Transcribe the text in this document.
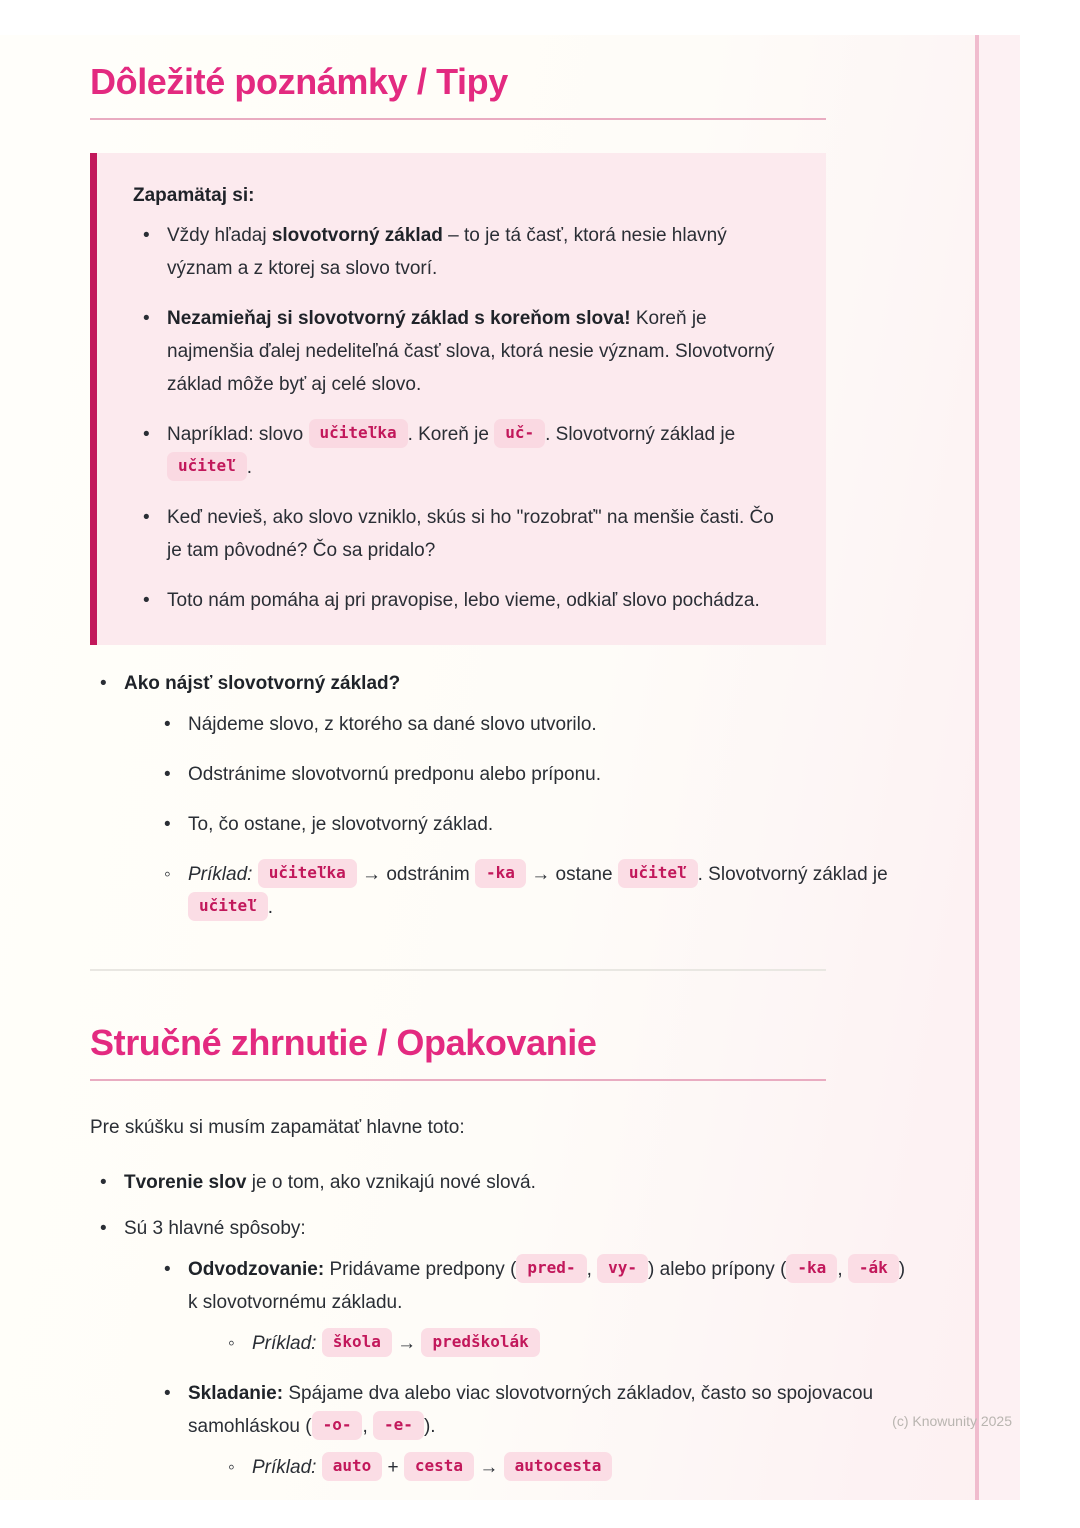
Dôležité poznámky / Tipy
Zapamätaj si:
• Vždy hľadaj slovotvorný základ – to je tá časť, ktorá nesie hlavný význam a z ktorej sa slovo tvorí.
• Nezamieňaj si slovotvorný základ s koreňom slova! Koreň je najmenšia ďalej nedeliteľná časť slova, ktorá nesie význam. Slovotvorný základ môže byť aj celé slovo.
• Napríklad: slovo učiteľka . Koreň je uč- . Slovotvorný základ je učiteľ .
• Keď nevieš, ako slovo vzniklo, skús si ho "rozobrať" na menšie časti. Čo je tam pôvodné? Čo sa pridalo?
• Toto nám pomáha aj pri pravopise, lebo vieme, odkiaľ slovo pochádza.
• Ako nájsť slovotvorný základ?
• Nájdeme slovo, z ktorého sa dané slovo utvorilo.
• Odstránime slovotvornú predponu alebo príponu.
• To, čo ostane, je slovotvorný základ.
◦ Príklad: učiteľka → odstránim -ka → ostane učiteľ . Slovotvorný základ je učiteľ .
Stručné zhrnutie / Opakovanie

Pre skúšku si musím zapamätať hlavne toto:

• Tvorenie slov je o tom, ako vznikajú nové slová.
• Sú 3 hlavné spôsoby:
• Odvodzovanie: Pridávame predpony ( pred- , vy- ) alebo prípony ( -ka , -ák ) k slovotvornému základu.
◦ Príklad: škola → predškolák
• Skladanie: Spájame dva alebo viac slovotvorných základov, často so spojovacou samohláskou ( -o- , -e- ).
◦ Príklad: auto + cesta → autocesta
(c) Knowunity 2025
